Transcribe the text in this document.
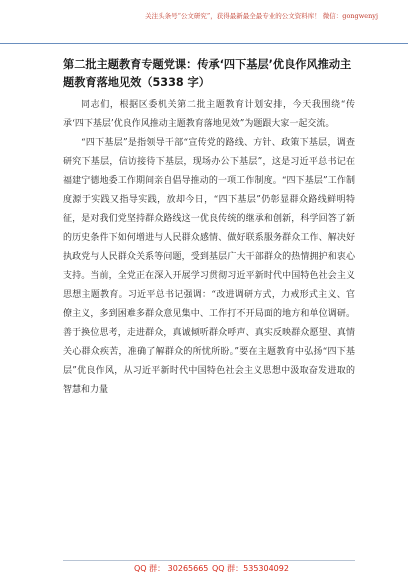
关注头条号“公文研究”，获得最新最全最专业的公文资料库！ 微信：gongwenyj
第二批主题教育专题党课：传承‘四下基层’优良作风推动主题教育落地见效（5338 字）

同志们，根据区委机关第二批主题教育计划安排，今天我围绕“传承‘四下基层’优良作风推动主题教育落地见效”为题跟大家一起交流。

“四下基层”是指领导干部“宣传党的路线、方针、政策下基层，调查研究下基层，信访接待下基层，现场办公下基层”，这是习近平总书记在福建宁德地委工作期间亲自倡导推动的一项工作制度。“四下基层”工作制度源于实践又指导实践，放却今日，“四下基层”仍彰显群众路线鲜明特征，是对我们党坚持群众路线这一优良传统的继承和创新，科学回答了新的历史条件下如何增进与人民群众感情、做好联系服务群众工作、解决好执政党与人民群众关系等问题，受到基层广大干部群众的热情拥护和衷心支持。当前，全党正在深入开展学习贯彻习近平新时代中国特色社会主义思想主题教育。习近平总书记强调：“改进调研方式，力戒形式主义、官僚主义，多到困难多群众意见集中、工作打不开局面的地方和单位调研。善于换位思考，走进群众，真诚倾听群众呼声、真实反映群众愿望、真情关心群众疾苦，准确了解群众的所忧所盼。”要在主题教育中弘扬“四下基层”优良作风，从习近平新时代中国特色社会主义思想中汲取奋发进取的智慧和力量

QQ 群： 30265665 QQ 群：535304092
